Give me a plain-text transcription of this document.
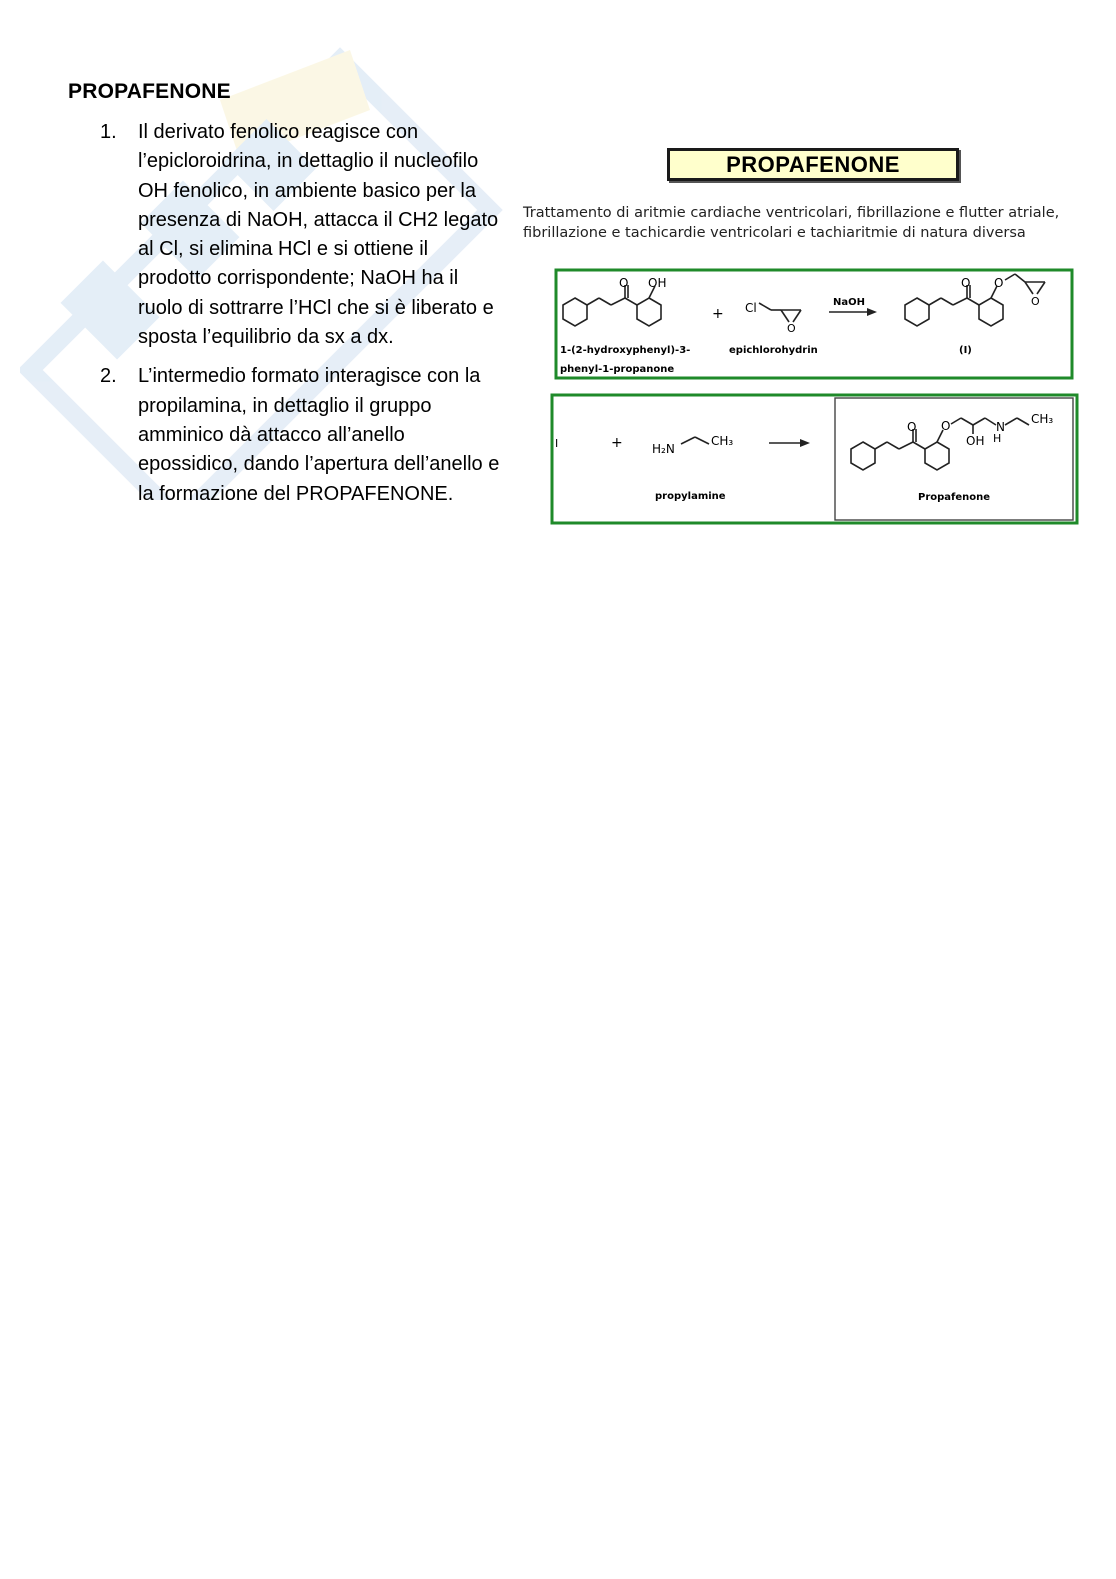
PROPAFENONE
1.	Il derivato fenolico reagisce con l’epicloroidrina, in dettaglio il nucleofilo OH fenolico, in ambiente basico per la presenza di NaOH, attacca il CH2 legato al Cl, si elimina HCl e si ottiene il prodotto corrispondente; NaOH ha il ruolo di sottrarre l’HCl che si è liberato e sposta l’equilibrio da sx a dx.
2.	L’intermedio formato interagisce con la propilamina, in dettaglio il gruppo amminico dà attacco all’anello epossidico, dando l’apertura dell’anello e la formazione del PROPAFENONE.
PROPAFENONE
Trattamento di aritmie cardiache ventricolari, fibrillazione e flutter atriale, fibrillazione e tachicardie ventricolari e tachiaritmie di natura diversa
O OH
1-(2-hydroxyphenyl)-3-
phenyl-1-propanone
+ Cl
O
epichlorohydrin
NaOH
O O
O
(I)
I	+ H₂N
CH₃
propylamine
O O
OH
N
H
CH₃
Propafenone
